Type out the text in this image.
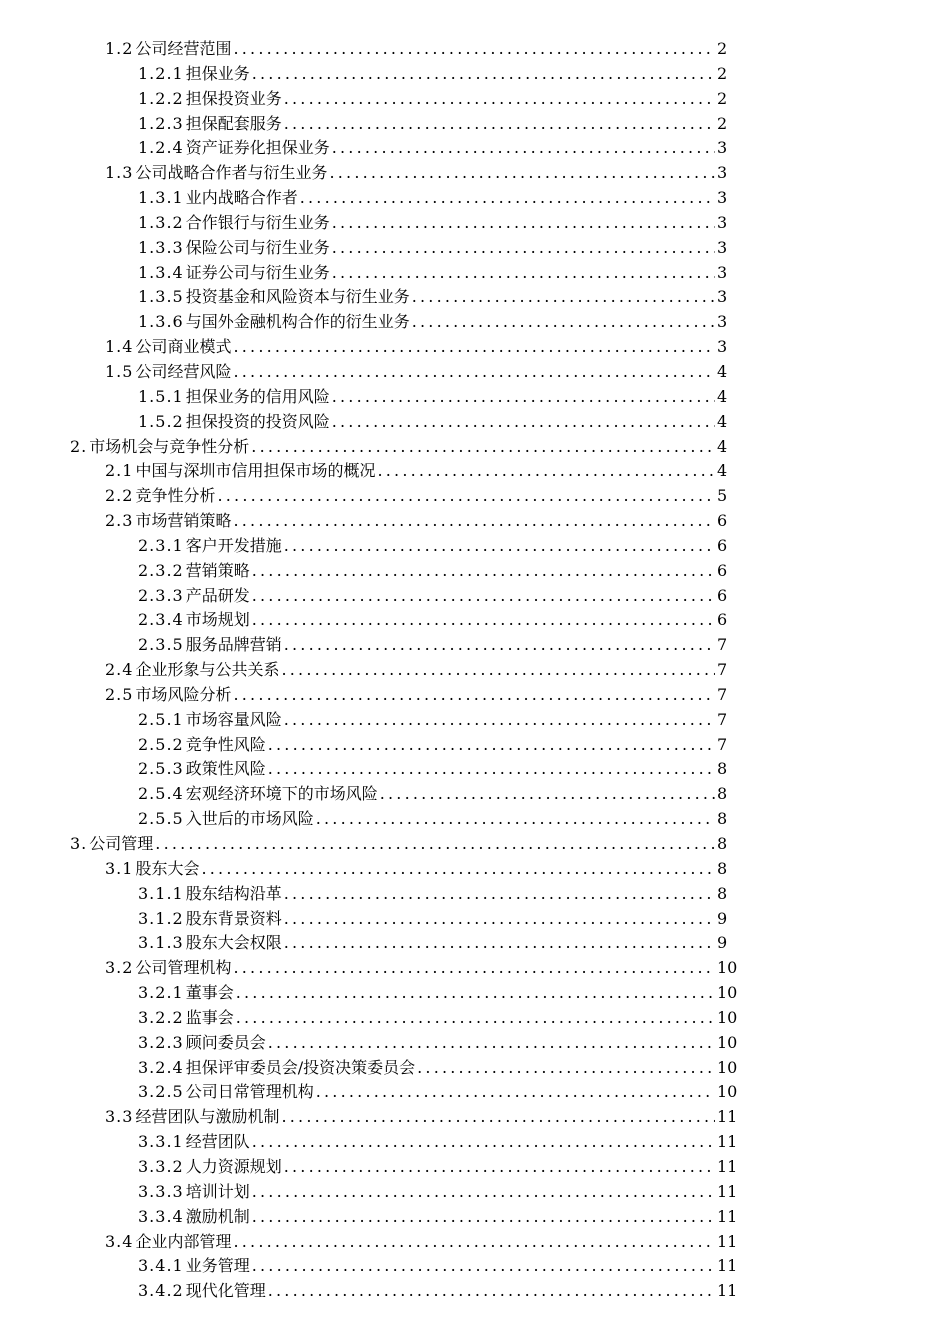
1.2 公司经营范围 .....	2
1.2.1 担保业务 .....	2
1.2.2 担保投资业务 .....	2
1.2.3 担保配套服务 .....	2
1.2.4 资产证券化担保业务 .....	3
1.3 公司战略合作者与衍生业务 .....	3
1.3.1 业内战略合作者 .....	3
1.3.2 合作银行与衍生业务 .....	3
1.3.3 保险公司与衍生业务 .....	3
1.3.4 证券公司与衍生业务 .....	3
1.3.5 投资基金和风险资本与衍生业务 .....	3
1.3.6 与国外金融机构合作的衍生业务 .....	3
1.4 公司商业模式 .....	3
1.5 公司经营风险 .....	4
1.5.1 担保业务的信用风险 .....	4
1.5.2 担保投资的投资风险 .....	4
2. 市场机会与竞争性分析 .....	4
2.1 中国与深圳市信用担保市场的概况 .....	4
2.2 竞争性分析 .....	5
2.3 市场营销策略 .....	6
2.3.1 客户开发措施 .....	6
2.3.2 营销策略 .....	6
2.3.3 产品研发 .....	6
2.3.4 市场规划 .....	6
2.3.5 服务品牌营销 .....	7
2.4 企业形象与公共关系 .....	7
2.5 市场风险分析 .....	7
2.5.1 市场容量风险 .....	7
2.5.2 竞争性风险 .....	7
2.5.3 政策性风险 .....	8
2.5.4 宏观经济环境下的市场风险 .....	8
2.5.5 入世后的市场风险 .....	8
3. 公司管理 .....	8
3.1 股东大会 .....	8
3.1.1 股东结构沿革 .....	8
3.1.2 股东背景资料 .....	9
3.1.3 股东大会权限 .....	9
3.2 公司管理机构 .....	10
3.2.1 董事会 .....	10
3.2.2 监事会 .....	10
3.2.3 顾问委员会 .....	10
3.2.4 担保评审委员会/投资决策委员会 .....	10
3.2.5 公司日常管理机构 .....	10
3.3 经营团队与激励机制 .....	11
3.3.1 经营团队 .....	11
3.3.2 人力资源规划 .....	11
3.3.3 培训计划 .....	11
3.3.4 激励机制 .....	11
3.4 企业内部管理 .....	11
3.4.1 业务管理 .....	11
3.4.2 现代化管理 .....	11
